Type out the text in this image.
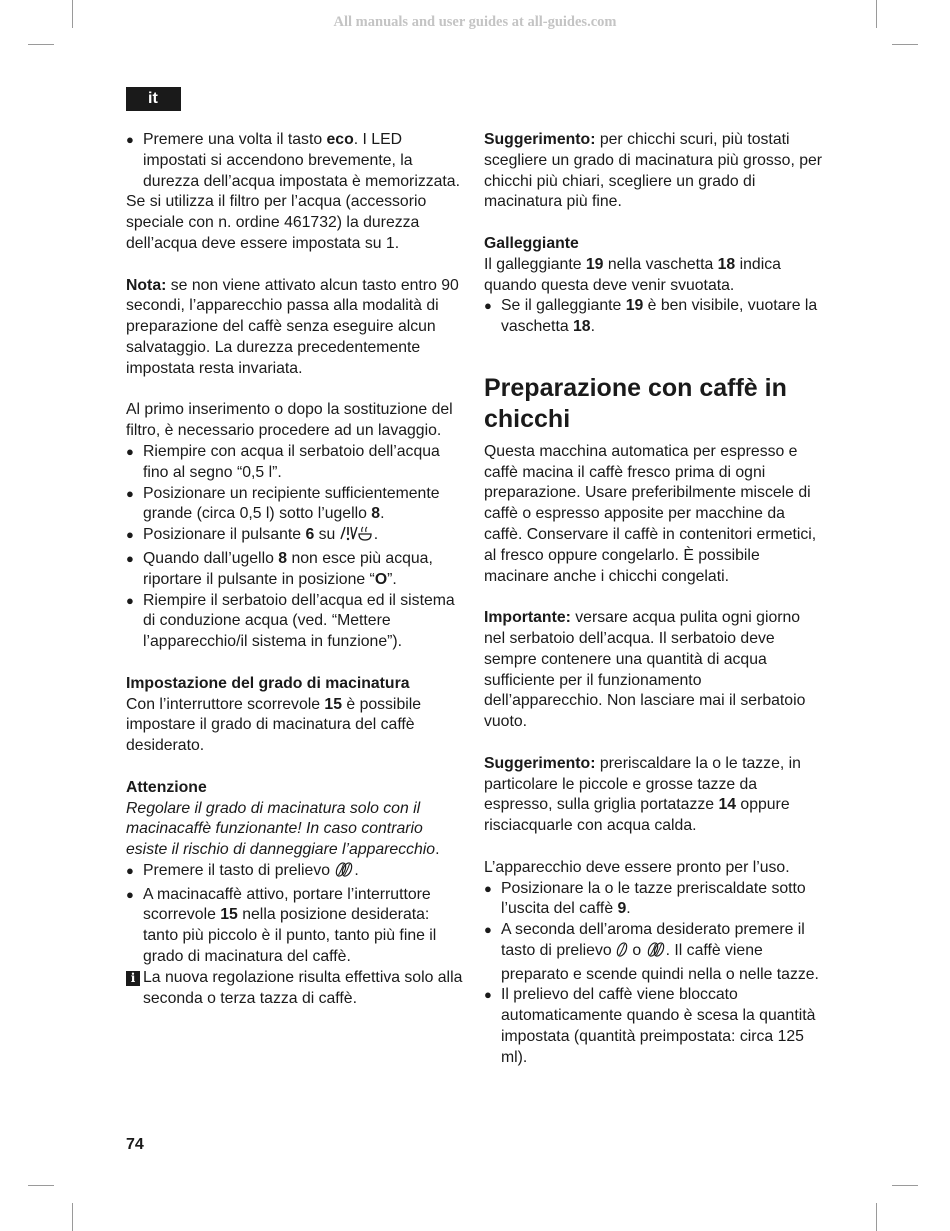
All manuals and user guides at all-guides.com
it
● Premere una volta il tasto eco. I LED impostati si accendono brevemente, la durezza dell’acqua impostata è memorizzata.

Se si utilizza il filtro per l’acqua (accessorio speciale con n. ordine 461732) la durezza dell’acqua deve essere impostata su 1.

Nota: se non viene attivato alcun tasto entro 90 secondi, l’apparecchio passa alla modalità di preparazione del caffè senza eseguire alcun salvataggio. La durezza precedentemente impostata resta invariata.

Al primo inserimento o dopo la sostituzione del filtro, è necessario procedere ad un lavaggio.

● Riempire con acqua il serbatoio dell’acqua fino al segno “0,5 l”.
● Posizionare un recipiente sufficientemente grande (circa 0,5 l) sotto l’ugello 8.
● Posizionare il pulsante 6 su .
● Quando dall’ugello 8 non esce più acqua, riportare il pulsante in posizione “O”.
● Riempire il serbatoio dell’acqua ed il sistema di conduzione acqua (ved. “Mettere l’apparecchio/il sistema in funzione”).

Impostazione del grado di macinatura

Con l’interruttore scorrevole 15 è possibile impostare il grado di macinatura del caffè desiderato.

Attenzione

Regolare il grado di macinatura solo con il macinacaffè funzionante! In caso contrario esiste il rischio di danneggiare l’apparecchio.

● Premere il tasto di prelievo .
● A macinacaffè attivo, portare l’interruttore scorrevole 15 nella posizione desiderata: tanto più piccolo è il punto, tanto più fine il grado di macinatura del caffè.
i La nuova regolazione risulta effettiva solo alla seconda o terza tazza di caffè.

Suggerimento: per chicchi scuri, più tostati scegliere un grado di macinatura più grosso, per chicchi più chiari, scegliere un grado di macinatura più fine.

Galleggiante

Il galleggiante 19 nella vaschetta 18 indica quando questa deve venir svuotata.

● Se il galleggiante 19 è ben visibile, vuotare la vaschetta 18.

Preparazione con caffè in chicchi

Questa macchina automatica per espresso e caffè macina il caffè fresco prima di ogni preparazione. Usare preferibilmente miscele di caffè o espresso apposite per macchine da caffè. Conservare il caffè in contenitori ermetici, al fresco oppure congelarlo. È possibile macinare anche i chicchi congelati.

Importante: versare acqua pulita ogni giorno nel serbatoio dell’acqua. Il serbatoio deve sempre contenere una quantità di acqua sufficiente per il funzionamento dell’apparecchio. Non lasciare mai il serbatoio vuoto.

Suggerimento: preriscaldare la o le tazze, in particolare le piccole e grosse tazze da espresso, sulla griglia portatazze 14 oppure risciacquarle con acqua calda.

L’apparecchio deve essere pronto per l’uso.

● Posizionare la o le tazze preriscaldate sotto l’uscita del caffè 9.
● A seconda dell’aroma desiderato premere il tasto di prelievo  o . Il caffè viene preparato e scende quindi nella o nelle tazze.
● Il prelievo del caffè viene bloccato automaticamente quando è scesa la quantità impostata (quantità preimpostata: circa 125 ml).
74
